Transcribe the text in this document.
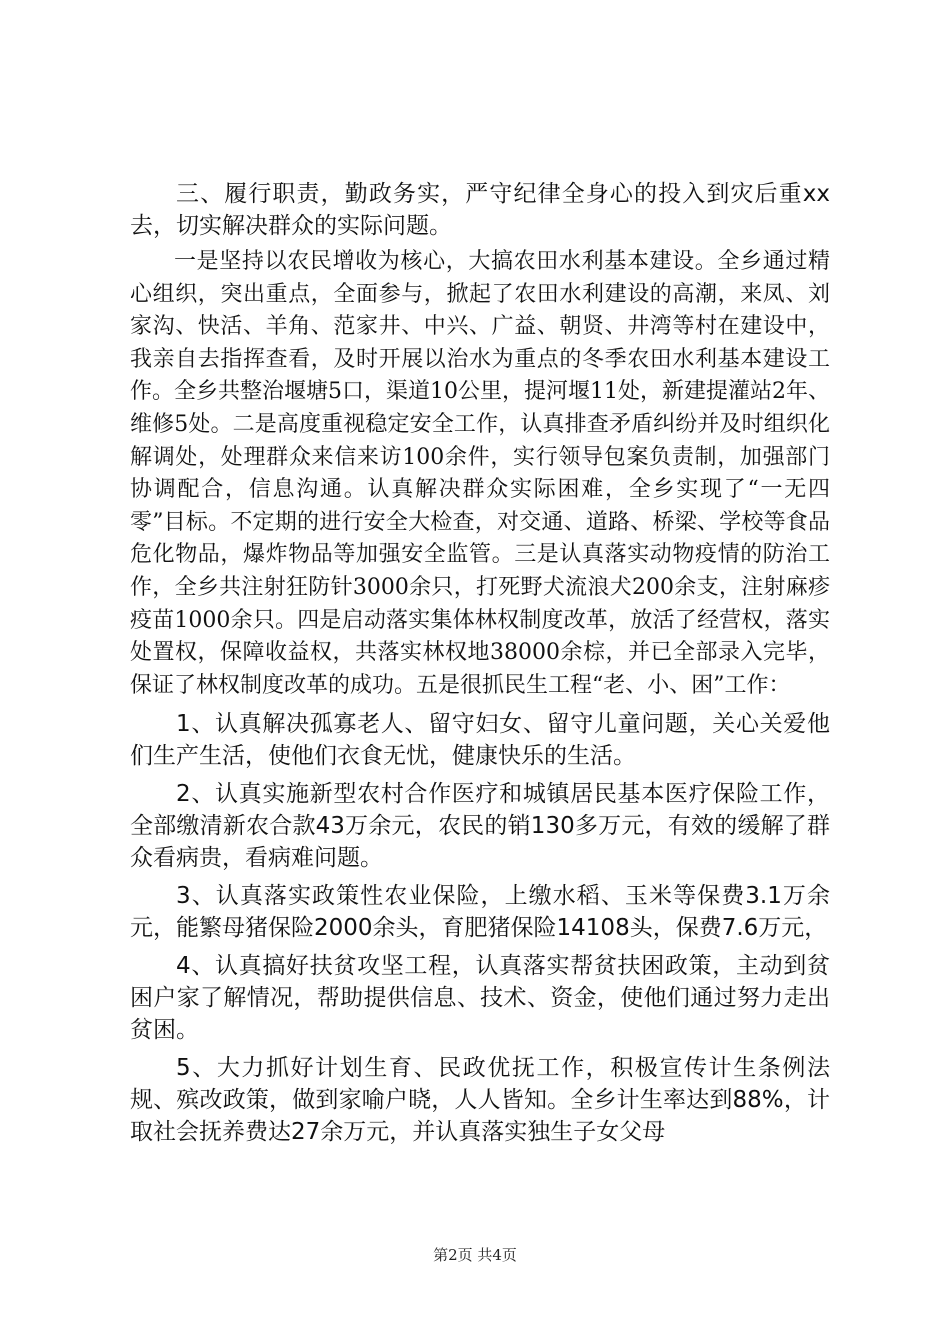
三、履行职责，勤政务实，严守纪律全身心的投入到灾后重xx去，切实解决群众的实际问题。

一是坚持以农民增收为核心，大搞农田水利基本建设。全乡通过精心组织，突出重点，全面参与，掀起了农田水利建设的高潮，来凤、刘家沟、快活、羊角、范家井、中兴、广益、朝贤、井湾等村在建设中，我亲自去指挥查看，及时开展以治水为重点的冬季农田水利基本建设工作。全乡共整治堰塘5口，渠道10公里，提河堰11处，新建提灌站2年、维修5处。二是高度重视稳定安全工作，认真排查矛盾纠纷并及时组织化解调处，处理群众来信来访100余件，实行领导包案负责制，加强部门协调配合，信息沟通。认真解决群众实际困难，全乡实现了“一无四零”目标。不定期的进行安全大检查，对交通、道路、桥梁、学校等食品危化物品，爆炸物品等加强安全监管。三是认真落实动物疫情的防治工作，全乡共注射狂防针3000余只，打死野犬流浪犬200余支，注射麻疹疫苗1000余只。四是启动落实集体林权制度改革，放活了经营权，落实处置权，保障收益权，共落实林权地38000余棕，并已全部录入完毕，保证了林权制度改革的成功。五是很抓民生工程“老、小、困”工作：

1、认真解决孤寡老人、留守妇女、留守儿童问题，关心关爱他们生产生活，使他们衣食无忧，健康快乐的生活。

2、认真实施新型农村合作医疗和城镇居民基本医疗保险工作，全部缴清新农合款43万余元，农民的销130多万元，有效的缓解了群众看病贵，看病难问题。

3、认真落实政策性农业保险，上缴水稻、玉米等保费3.1万余元，能繁母猪保险2000余头，育肥猪保险14108头，保费7.6万元，

4、认真搞好扶贫攻坚工程，认真落实帮贫扶困政策，主动到贫困户家了解情况，帮助提供信息、技术、资金，使他们通过努力走出贫困。

5、大力抓好计划生育、民政优抚工作，积极宣传计生条例法规、殡改政策，做到家喻户晓，人人皆知。全乡计生率达到88%，计取社会抚养费达27余万元，并认真落实独生子女父母

第2页 共4页
